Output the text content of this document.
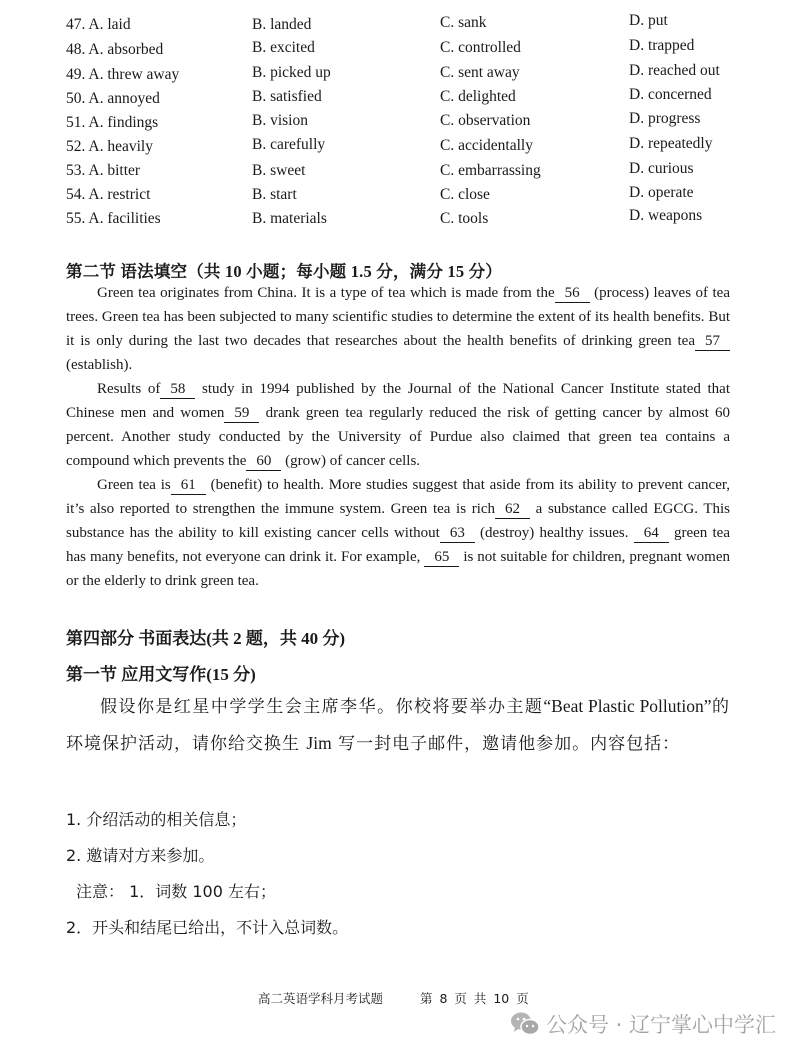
47. A. laid	B. landed	C. sank	D. put
48. A. absorbed	B. excited	C. controlled	D. trapped
49. A. threw away	B. picked up	C. sent away	D. reached out
50. A. annoyed	B. satisfied	C. delighted	D. concerned
51. A. findings	B. vision	C. observation	D. progress
52. A. heavily	B. carefully	C. accidentally	D. repeatedly
53. A. bitter	B. sweet	C. embarrassing	D. curious
54. A. restrict	B. start	C. close	D. operate
55. A. facilities	B. materials	C. tools	D. weapons
第二节 语法填空（共 10 小题；每小题 1.5 分，满分 15 分）

Green tea originates from China. It is a type of tea which is made from the 56 (process) leaves of tea trees. Green tea has been subjected to many scientific studies to determine the extent of its health benefits. But it is only during the last two decades that researches about the health benefits of drinking green tea 57 (establish).

Results of 58 study in 1994 published by the Journal of the National Cancer Institute stated that Chinese men and women 59 drank green tea regularly reduced the risk of getting cancer by almost 60 percent. Another study conducted by the University of Purdue also claimed that green tea contains a compound which prevents the 60 (grow) of cancer cells.

Green tea is 61 (benefit) to health. More studies suggest that aside from its ability to prevent cancer, it’s also reported to strengthen the immune system. Green tea is rich 62 a substance called EGCG. This substance has the ability to kill existing cancer cells without 63 (destroy) healthy issues. 64 green tea has many benefits, not everyone can drink it. For example, 65 is not suitable for children, pregnant women or the elderly to drink green tea.

第四部分 书面表达(共 2 题，共 40 分)
第一节 应用文写作(15 分)
假设你是红星中学学生会主席李华。你校将要举办主题“Beat Plastic Pollution”的环境保护活动，请你给交换生 Jim 写一封电子邮件，邀请他参加。内容包括：
1. 介绍活动的相关信息；
2. 邀请对方来参加。
注意： 1．词数 100 左右；
2．开头和结尾已给出，不计入总词数。
高二英语学科月考试题	第 8 页 共 10 页
公众号 · 辽宁掌心中学汇
